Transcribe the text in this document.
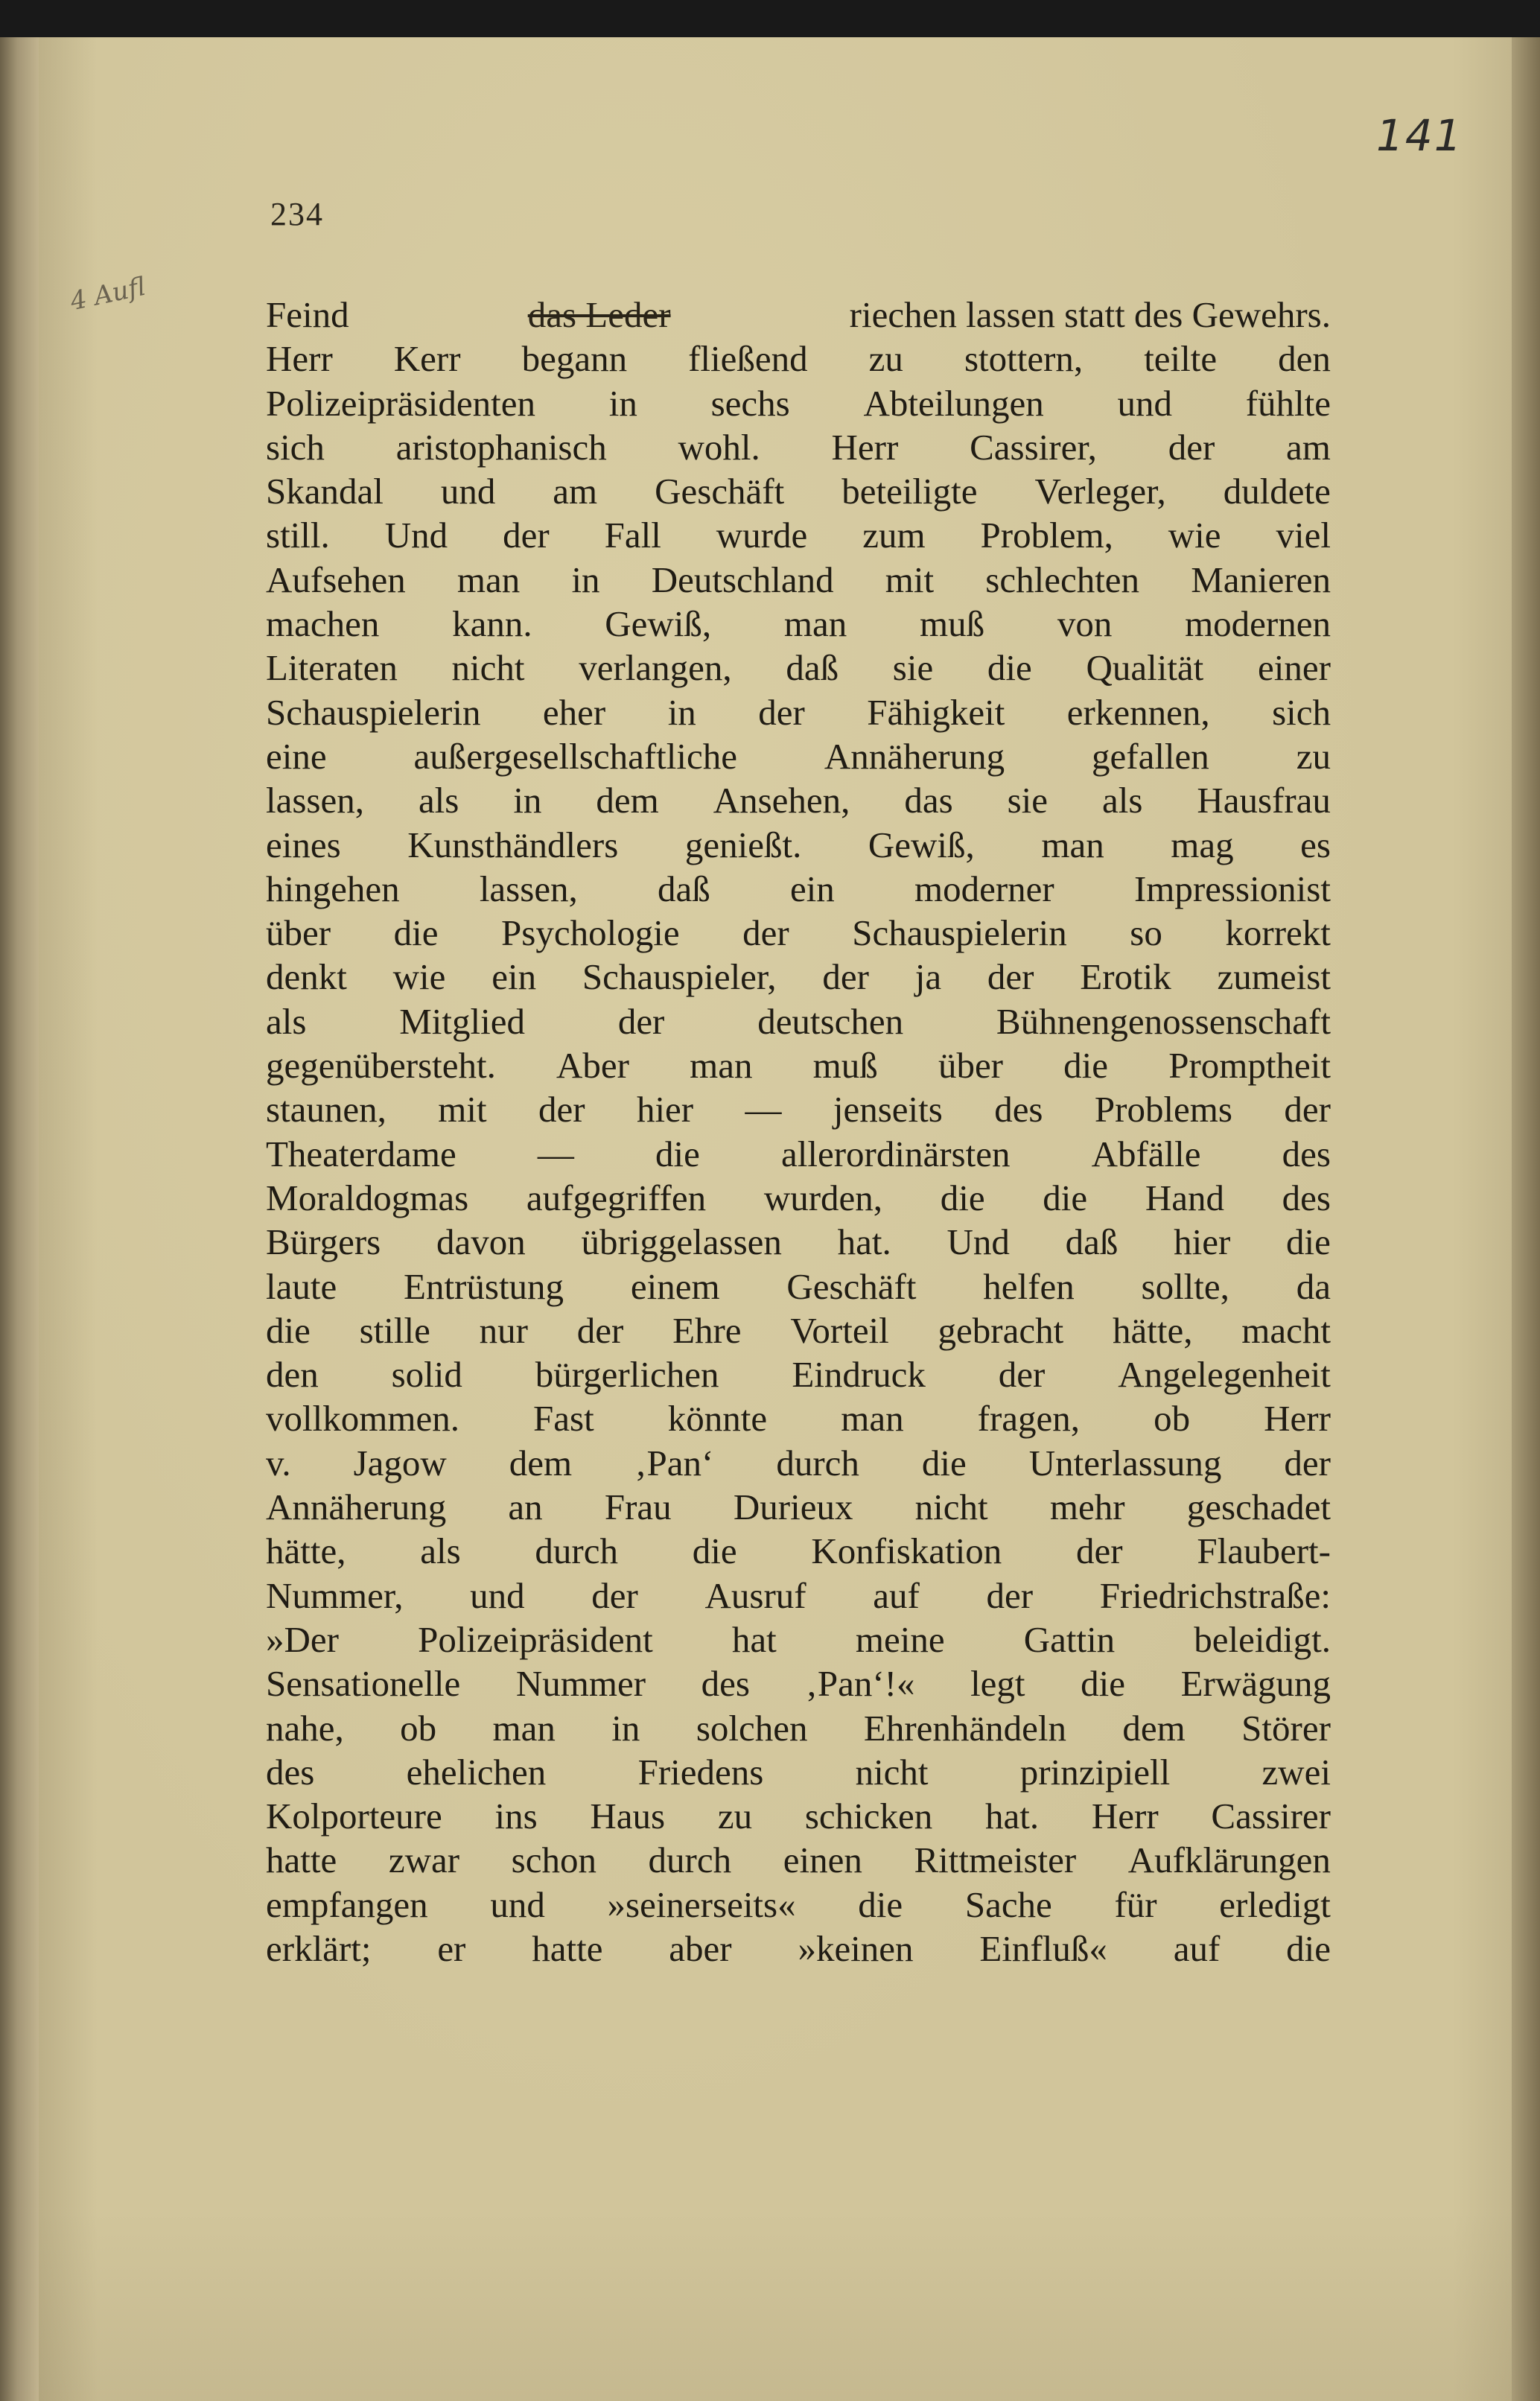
141
4 Aufl
234
Feind	das Leder	riechen lassen statt des Gewehrs.
Herr Kerr begann fließend zu stottern, teilte den
Polizeipräsidenten in sechs Abteilungen und fühlte
sich aristophanisch wohl. Herr Cassirer, der am
Skandal und am Geschäft beteiligte Verleger, duldete
still. Und der Fall wurde zum Problem, wie viel
Aufsehen man in Deutschland mit schlechten Manieren
machen kann. Gewiß, man muß von modernen
Literaten nicht verlangen, daß sie die Qualität einer
Schauspielerin eher in der Fähigkeit erkennen, sich
eine außergesellschaftliche Annäherung gefallen zu
lassen, als in dem Ansehen, das sie als Hausfrau
eines Kunsthändlers genießt. Gewiß, man mag es
hingehen lassen, daß ein moderner Impressionist
über die Psychologie der Schauspielerin so korrekt
denkt wie ein Schauspieler, der ja der Erotik zumeist
als	Mitglied	der	deutschen	Bühnengenossenschaft
gegenübersteht. Aber man muß über die Promptheit
staunen, mit der hier — jenseits des Problems der
Theaterdame — die allerordinärsten Abfälle des
Moraldogmas aufgegriffen wurden, die die Hand des
Bürgers davon übriggelassen hat. Und daß hier die
laute Entrüstung einem Geschäft helfen sollte, da
die stille nur der Ehre Vorteil gebracht hätte, macht
den solid bürgerlichen Eindruck der Angelegenheit
vollkommen. Fast könnte man fragen, ob Herr
v. Jagow dem ‚Pan‘ durch die Unterlassung der
Annäherung an Frau Durieux nicht mehr geschadet
hätte, als durch die Konfiskation der Flaubert-
Nummer, und der Ausruf auf der Friedrichstraße:
»Der Polizeipräsident hat meine Gattin beleidigt.
Sensationelle Nummer des ‚Pan‘!« legt die Erwägung
nahe, ob man in solchen Ehrenhändeln dem Störer
des	ehelichen	Friedens	nicht	prinzipiell	zwei
Kolporteure ins Haus zu schicken hat. Herr Cassirer
hatte zwar schon durch einen Rittmeister Aufklärungen
empfangen und »seinerseits« die Sache für erledigt
erklärt; er hatte aber »keinen Einfluß« auf die
